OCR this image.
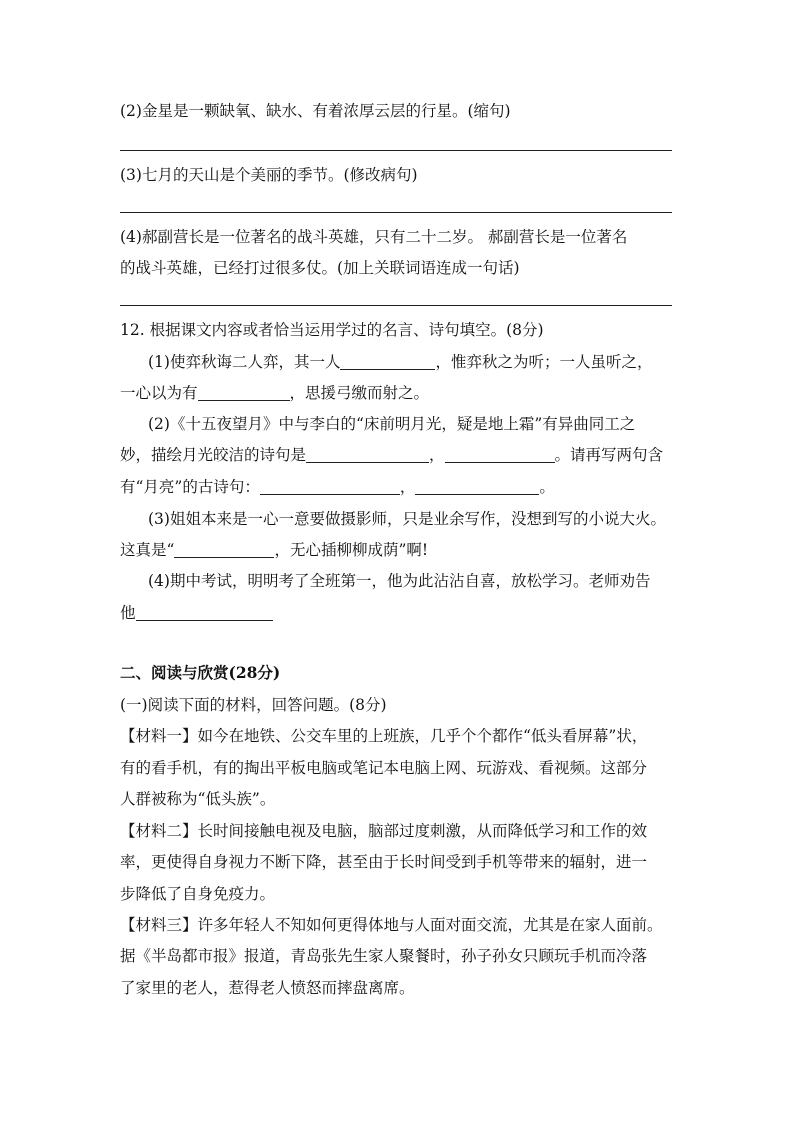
(2)金星是一颗缺氧、缺水、有着浓厚云层的行星。(缩句)
(3)七月的天山是个美丽的季节。(修改病句)
(4)郝副营长是一位著名的战斗英雄，只有二十二岁。 郝副营长是一位著名
的战斗英雄，已经打过很多仗。(加上关联词语连成一句话)
12. 根据课文内容或者恰当运用学过的名言、诗句填空。(8分)
(1)使弈秋诲二人弈，其一人	，惟弈秋之为听；一人虽听之，
一心以为有	，思援弓缴而射之。
(2)《十五夜望月》中与李白的“床前明月光，疑是地上霜”有异曲同工之
妙，描绘月光皎洁的诗句是	，	。请再写两句含
有“月亮”的古诗句：	，	。
(3)姐姐本来是一心一意要做摄影师，只是业余写作，没想到写的小说大火。
这真是“	，无心插柳柳成荫”啊!
(4)期中考试，明明考了全班第一，他为此沾沾自喜，放松学习。老师劝告
他
二、阅读与欣赏(28分)
(一)阅读下面的材料，回答问题。(8分)
【材料一】如今在地铁、公交车里的上班族，几乎个个都作“低头看屏幕”状，
有的看手机，有的掏出平板电脑或笔记本电脑上网、玩游戏、看视频。这部分
人群被称为“低头族”。
【材料二】长时间接触电视及电脑，脑部过度刺激，从而降低学习和工作的效
率，更使得自身视力不断下降，甚至由于长时间受到手机等带来的辐射，进一
步降低了自身免疫力。
【材料三】许多年轻人不知如何更得体地与人面对面交流，尤其是在家人面前。
据《半岛都市报》报道，青岛张先生家人聚餐时，孙子孙女只顾玩手机而冷落
了家里的老人，惹得老人愤怒而摔盘离席。
